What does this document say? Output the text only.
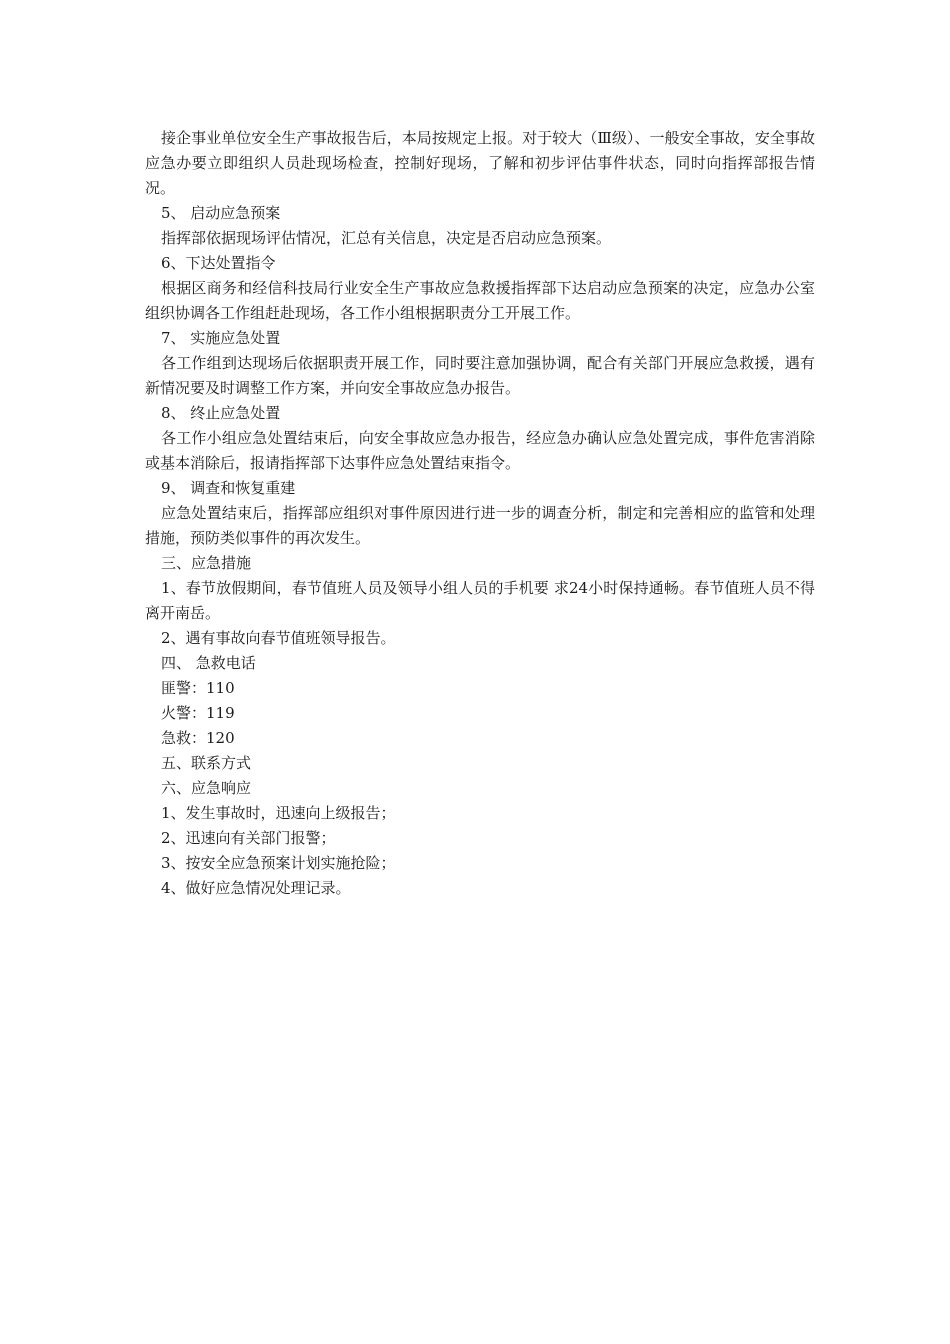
接企事业单位安全生产事故报告后，本局按规定上报。对于较大（Ⅲ级）、一般安全事故，安全事故应急办要立即组织人员赴现场检查，控制好现场，了解和初步评估事件状态，同时向指挥部报告情况。

5、 启动应急预案

指挥部依据现场评估情况，汇总有关信息，决定是否启动应急预案。

6、下达处置指令

根据区商务和经信科技局行业安全生产事故应急救援指挥部下达启动应急预案的决定，应急办公室组织协调各工作组赶赴现场，各工作小组根据职责分工开展工作。

7、 实施应急处置

各工作组到达现场后依据职责开展工作，同时要注意加强协调，配合有关部门开展应急救援，遇有新情况要及时调整工作方案，并向安全事故应急办报告。

8、 终止应急处置

各工作小组应急处置结束后，向安全事故应急办报告，经应急办确认应急处置完成，事件危害消除或基本消除后，报请指挥部下达事件应急处置结束指令。

9、 调查和恢复重建

应急处置结束后，指挥部应组织对事件原因进行进一步的调查分析，制定和完善相应的监管和处理措施，预防类似事件的再次发生。

三、应急措施

1、春节放假期间，春节值班人员及领导小组人员的手机要 求24小时保持通畅。春节值班人员不得离开南岳。

2、遇有事故向春节值班领导报告。

四、 急救电话

匪警：110

火警：119

急救：120

五、联系方式

六、应急响应

1、发生事故时，迅速向上级报告；

2、迅速向有关部门报警；

3、按安全应急预案计划实施抢险；

4、做好应急情况处理记录。
